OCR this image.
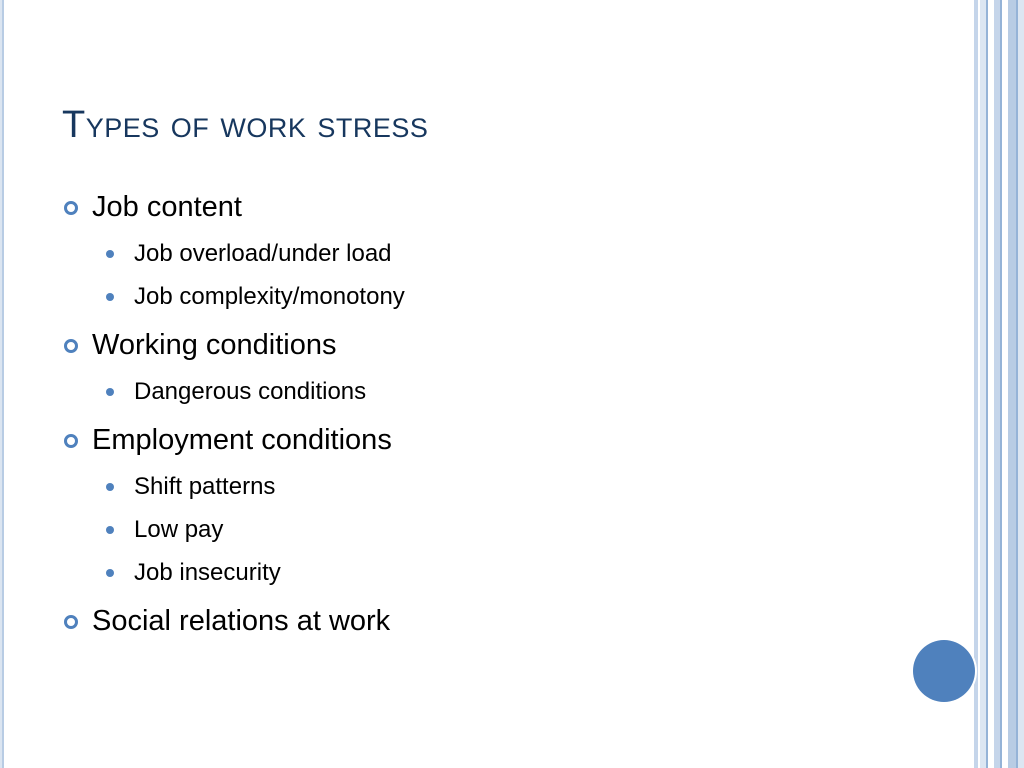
Types of work stress
Job content
Job overload/under load
Job complexity/monotony
Working conditions
Dangerous conditions
Employment conditions
Shift patterns
Low pay
Job insecurity
Social relations at work
